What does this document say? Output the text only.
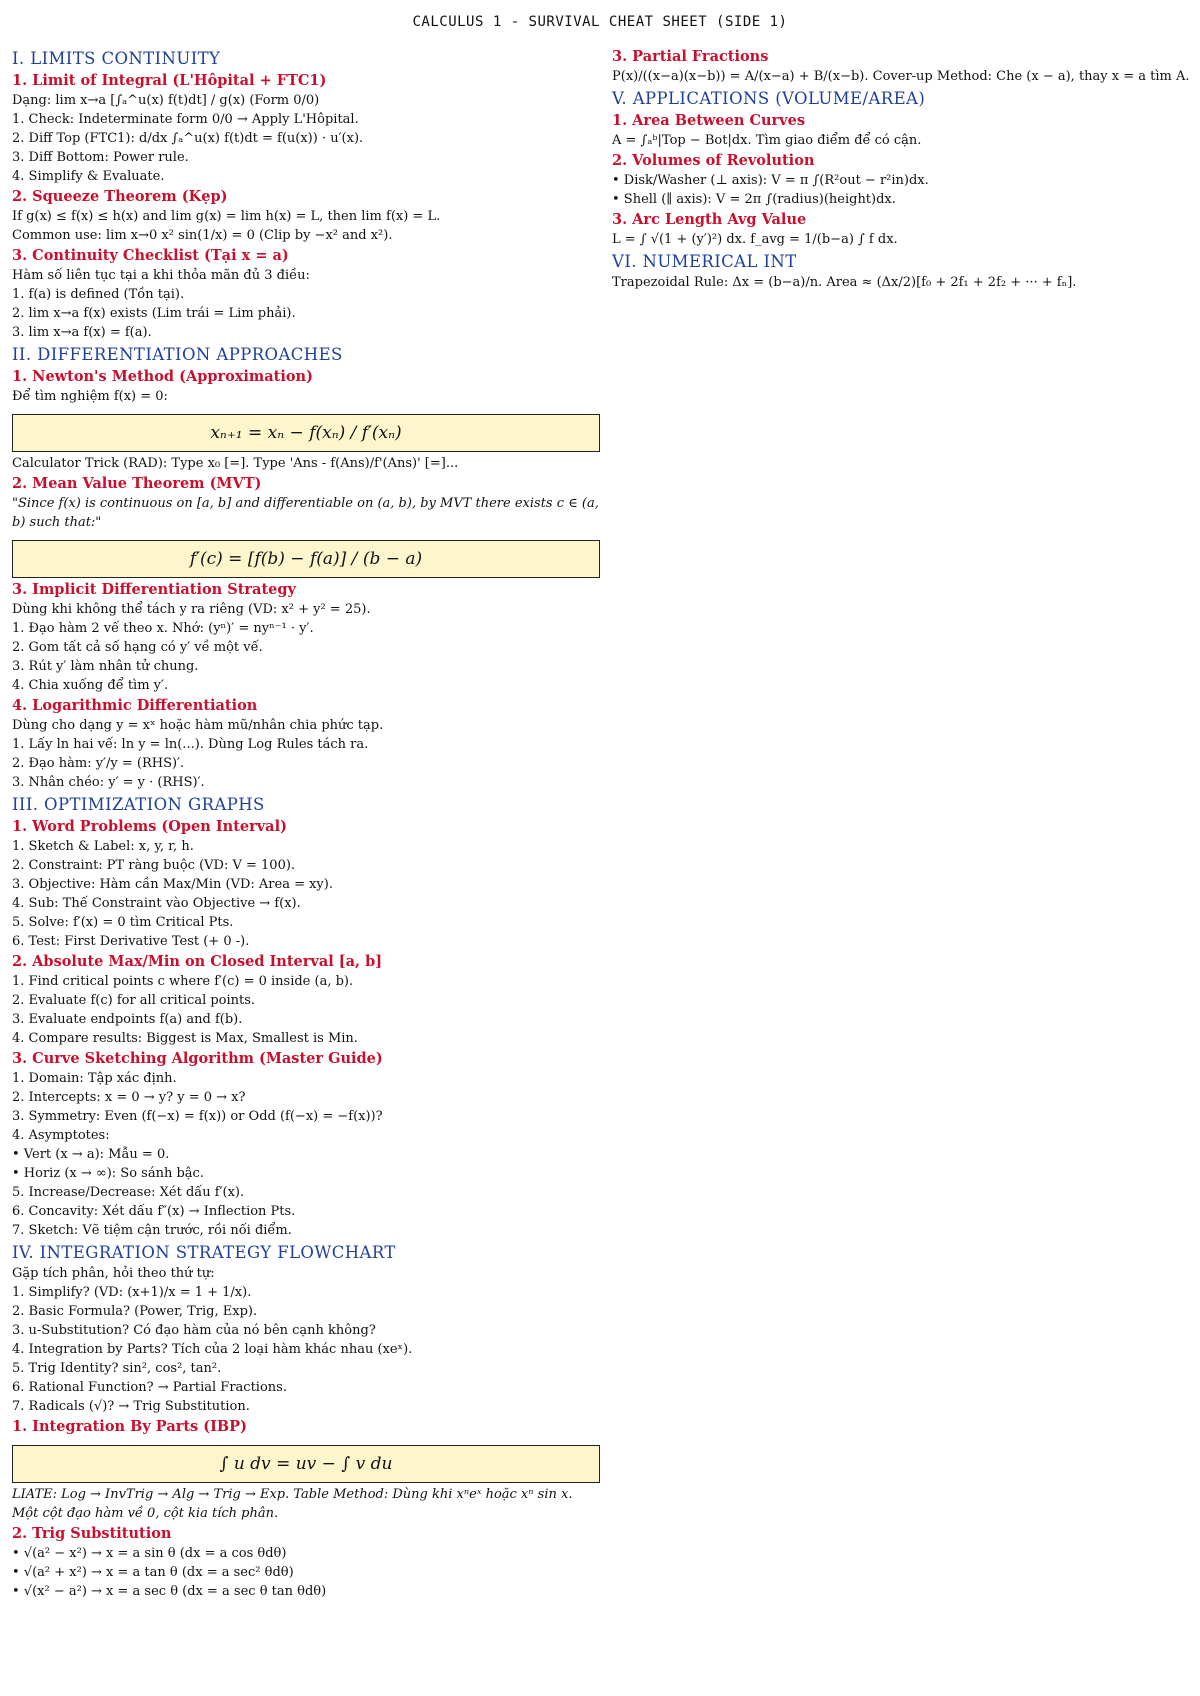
CALCULUS 1 - SURVIVAL CHEAT SHEET (SIDE 1)
I. LIMITS CONTINUITY
1. Limit of Integral (L'Hôpital + FTC1)
Dạng: lim x→a [∫ₐ^u(x) f(t)dt] / g(x) (Form 0/0)
1. Check: Indeterminate form 0/0 → Apply L'Hôpital.
2. Diff Top (FTC1): d/dx ∫ₐ^u(x) f(t)dt = f(u(x)) · u′(x).
3. Diff Bottom: Power rule.
4. Simplify & Evaluate.
2. Squeeze Theorem (Kẹp)
If g(x) ≤ f(x) ≤ h(x) and lim g(x) = lim h(x) = L, then lim f(x) = L.
Common use: lim x→0 x² sin(1/x) = 0 (Clip by −x² and x²).
3. Continuity Checklist (Tại x = a)
Hàm số liên tục tại a khi thỏa mãn đủ 3 điều:
1. f(a) is defined (Tồn tại).
2. lim x→a f(x) exists (Lim trái = Lim phải).
3. lim x→a f(x) = f(a).
II. DIFFERENTIATION APPROACHES
1. Newton's Method (Approximation)
Để tìm nghiệm f(x) = 0:
xₙ₊₁ = xₙ − f(xₙ) / f′(xₙ)
Calculator Trick (RAD): Type x₀ [=]. Type 'Ans - f(Ans)/f'(Ans)' [=]...
2. Mean Value Theorem (MVT)
"Since f(x) is continuous on [a, b] and differentiable on (a, b), by MVT there exists c ∈ (a, b) such that:"
f′(c) = [f(b) − f(a)] / (b − a)
3. Implicit Differentiation Strategy
Dùng khi không thể tách y ra riêng (VD: x² + y² = 25).
1. Đạo hàm 2 vế theo x. Nhớ: (yⁿ)′ = nyⁿ⁻¹ · y′.
2. Gom tất cả số hạng có y′ về một vế.
3. Rút y′ làm nhân tử chung.
4. Chia xuống để tìm y′.
4. Logarithmic Differentiation
Dùng cho dạng y = xˣ hoặc hàm mũ/nhân chia phức tạp.
1. Lấy ln hai vế: ln y = ln(...). Dùng Log Rules tách ra.
2. Đạo hàm: y′/y = (RHS)′.
3. Nhân chéo: y′ = y · (RHS)′.
III. OPTIMIZATION GRAPHS
1. Word Problems (Open Interval)
1. Sketch & Label: x, y, r, h.
2. Constraint: PT ràng buộc (VD: V = 100).
3. Objective: Hàm cần Max/Min (VD: Area = xy).
4. Sub: Thế Constraint vào Objective → f(x).
5. Solve: f′(x) = 0 tìm Critical Pts.
6. Test: First Derivative Test (+ 0 -).
2. Absolute Max/Min on Closed Interval [a, b]
1. Find critical points c where f′(c) = 0 inside (a, b).
2. Evaluate f(c) for all critical points.
3. Evaluate endpoints f(a) and f(b).
4. Compare results: Biggest is Max, Smallest is Min.
3. Curve Sketching Algorithm (Master Guide)
1. Domain: Tập xác định.
2. Intercepts: x = 0 → y? y = 0 → x?
3. Symmetry: Even (f(−x) = f(x)) or Odd (f(−x) = −f(x))?
4. Asymptotes:
• Vert (x → a): Mẫu = 0.
• Horiz (x → ∞): So sánh bậc.
5. Increase/Decrease: Xét dấu f′(x).
6. Concavity: Xét dấu f″(x) → Inflection Pts.
7. Sketch: Vẽ tiệm cận trước, rồi nối điểm.
IV. INTEGRATION STRATEGY FLOWCHART
Gặp tích phân, hỏi theo thứ tự:
1. Simplify? (VD: (x+1)/x = 1 + 1/x).
2. Basic Formula? (Power, Trig, Exp).
3. u-Substitution? Có đạo hàm của nó bên cạnh không?
4. Integration by Parts? Tích của 2 loại hàm khác nhau (xeˣ).
5. Trig Identity? sin², cos², tan².
6. Rational Function? → Partial Fractions.
7. Radicals (√)? → Trig Substitution.
1. Integration By Parts (IBP)
∫ u dv = uv − ∫ v du
LIATE: Log → InvTrig → Alg → Trig → Exp. Table Method: Dùng khi xⁿeˣ hoặc xⁿ sin x. Một cột đạo hàm về 0, cột kia tích phân.
2. Trig Substitution
• √(a² − x²) → x = a sin θ (dx = a cos θdθ)
• √(a² + x²) → x = a tan θ (dx = a sec² θdθ)
• √(x² − a²) → x = a sec θ (dx = a sec θ tan θdθ)
3. Partial Fractions
P(x)/((x−a)(x−b)) = A/(x−a) + B/(x−b). Cover-up Method: Che (x − a), thay x = a tìm A.
V. APPLICATIONS (VOLUME/AREA)
1. Area Between Curves
A = ∫ₐᵇ|Top − Bot|dx. Tìm giao điểm để có cận.
2. Volumes of Revolution
• Disk/Washer (⊥ axis): V = π ∫(R²out − r²in)dx.
• Shell (∥ axis): V = 2π ∫(radius)(height)dx.
3. Arc Length Avg Value
L = ∫ √(1 + (y′)²) dx. f_avg = 1/(b−a) ∫ f dx.
VI. NUMERICAL INT
Trapezoidal Rule: Δx = (b−a)/n. Area ≈ (Δx/2)[f₀ + 2f₁ + 2f₂ + ··· + fₙ].
